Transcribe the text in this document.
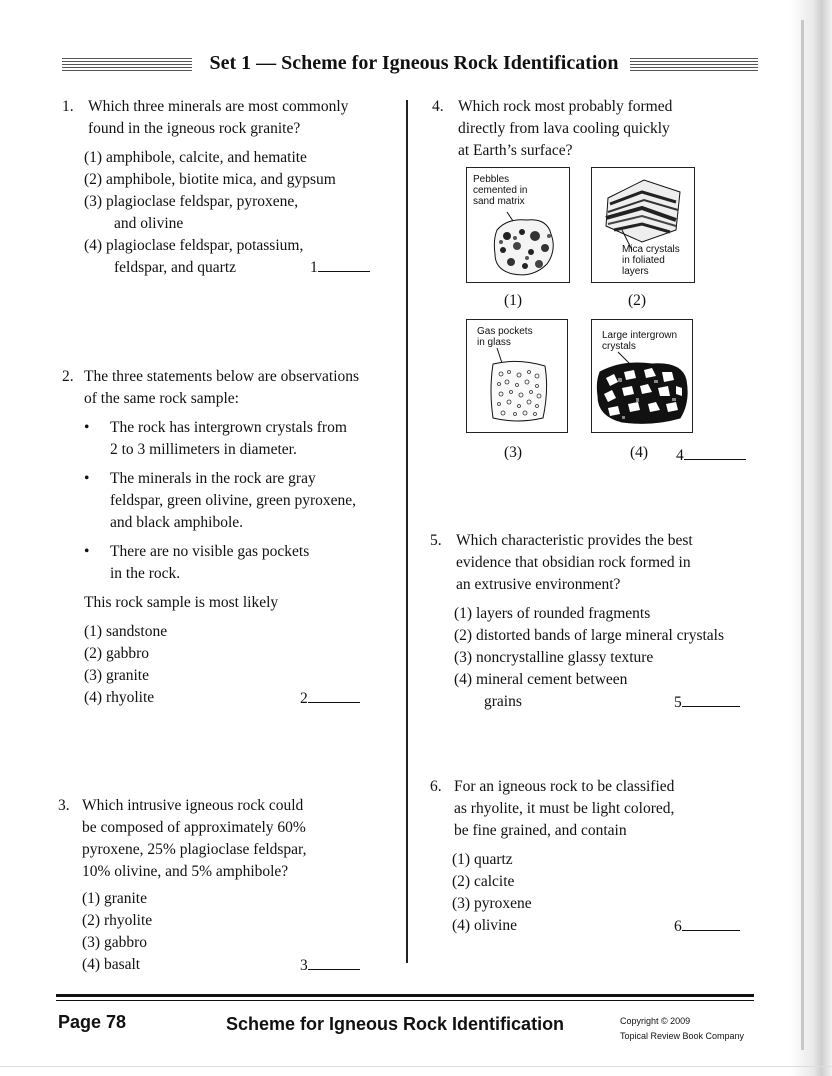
Set 1 — Scheme for Igneous Rock Identification
1. Which three minerals are most commonly
found in the igneous rock granite?
(1) amphibole, calcite, and hematite
(2) amphibole, biotite mica, and gypsum
(3) plagioclase feldspar, pyroxene,
and olivine
(4) plagioclase feldspar, potassium,
feldspar, and quartz	1
2. The three statements below are observations
of the same rock sample:
• The rock has intergrown crystals from
2 to 3 millimeters in diameter.
• The minerals in the rock are gray
feldspar, green olivine, green pyroxene,
and black amphibole.
• There are no visible gas pockets
in the rock.
This rock sample is most likely
(1) sandstone
(2) gabbro
(3) granite
(4) rhyolite	2
3. Which intrusive igneous rock could
be composed of approximately 60%
pyroxene, 25% plagioclase feldspar,
10% olivine, and 5% amphibole?
(1) granite
(2) rhyolite
(3) gabbro
(4) basalt	3
4. Which rock most probably formed
directly from lava cooling quickly
at Earth’s surface?
Pebbles
cemented in
sand matrix
(1)
Mica crystals
in foliated
layers
(2)
Gas pockets
in glass
(3)
Large intergrown
crystals
(4) 4
5. Which characteristic provides the best
evidence that obsidian rock formed in
an extrusive environment?
(1) layers of rounded fragments
(2) distorted bands of large mineral crystals
(3) noncrystalline glassy texture
(4) mineral cement between
grains	5
6. For an igneous rock to be classified
as rhyolite, it must be light colored,
be fine grained, and contain
(1) quartz
(2) calcite
(3) pyroxene
(4) olivine	6
Page 78	Scheme for Igneous Rock Identification	Copyright © 2009
Topical Review Book Company
